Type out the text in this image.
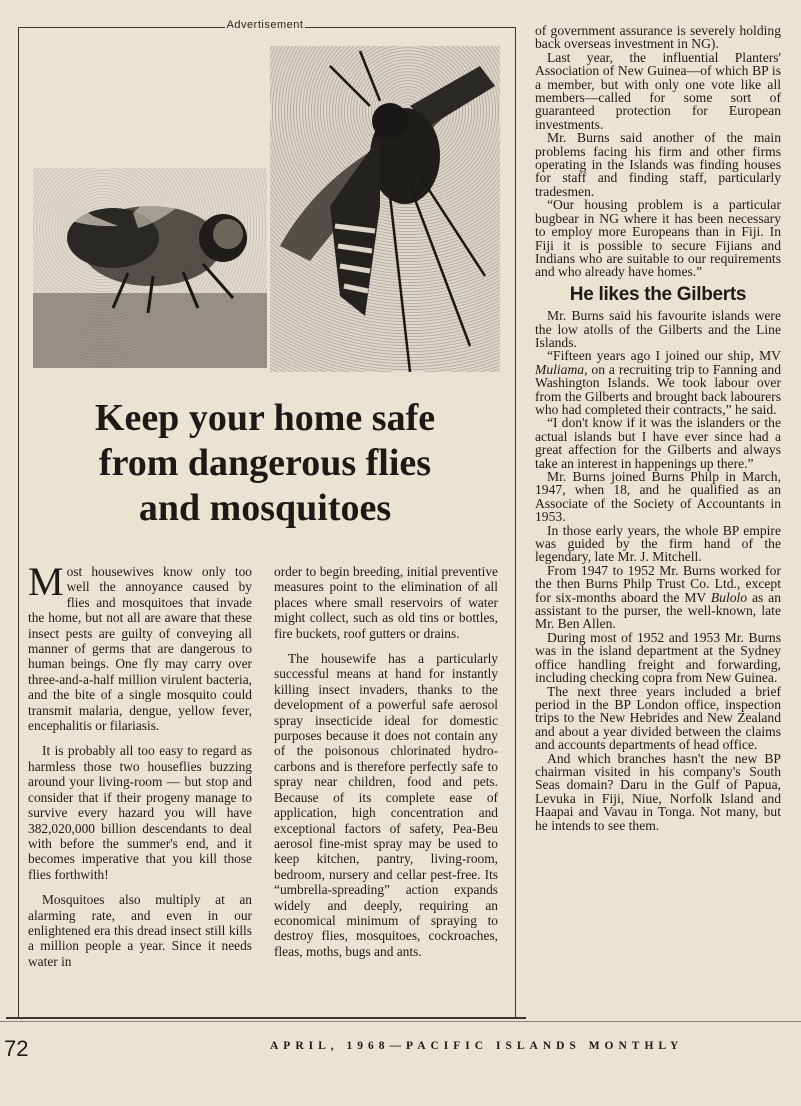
Advertisement
Keep your home safe
from dangerous flies
and mosquitoes

Most housewives know only too well the annoyance caused by flies and mosquitoes that invade the home, but not all are aware that these insect pests are guilty of conveying all manner of germs that are dangerous to human beings. One fly may carry over three-and-a-half million virulent bacteria, and the bite of a single mosquito could transmit malaria, dengue, yellow fever, encephalitis or filariasis.

It is probably all too easy to regard as harmless those two houseflies buzzing around your living-room — but stop and consider that if their progeny manage to survive every hazard you will have 382,020,000 billion descendants to deal with before the summer's end, and it becomes imperative that you kill those flies forthwith!

Mosquitoes also multiply at an alarming rate, and even in our enlightened era this dread insect still kills a million people a year. Since it needs water in

order to begin breeding, initial preventive measures point to the elimination of all places where small reservoirs of water might collect, such as old tins or bottles, fire buckets, roof gutters or drains.

The housewife has a particularly successful means at hand for instantly killing insect invaders, thanks to the development of a powerful safe aerosol spray insecticide ideal for domestic purposes because it does not contain any of the poisonous chlorinated hydro-carbons and is therefore perfectly safe to spray near children, food and pets. Because of its complete ease of application, high concentration and exceptional factors of safety, Pea-Beu aerosol fine-mist spray may be used to keep kitchen, pantry, living-room, bedroom, nursery and cellar pest-free. Its “umbrella-spreading” action expands widely and deeply, requiring an economical minimum of spraying to destroy flies, mosquitoes, cockroaches, fleas, moths, bugs and ants.

of government assurance is severely holding back overseas investment in NG).

Last year, the influential Planters' Association of New Guinea—of which BP is a member, but with only one vote like all members—called for some sort of guaranteed protection for European investments.

Mr. Burns said another of the main problems facing his firm and other firms operating in the Islands was finding houses for staff and finding staff, particularly tradesmen.

“Our housing problem is a particular bugbear in NG where it has been necessary to employ more Europeans than in Fiji. In Fiji it is possible to secure Fijians and Indians who are suitable to our requirements and who already have homes.”

He likes the Gilberts

Mr. Burns said his favourite islands were the low atolls of the Gilberts and the Line Islands.

“Fifteen years ago I joined our ship, MV Muliama, on a recruiting trip to Fanning and Washington Islands. We took labour over from the Gilberts and brought back labourers who had completed their contracts,” he said.

“I don't know if it was the islanders or the actual islands but I have ever since had a great affection for the Gilberts and always take an interest in happenings up there.”

Mr. Burns joined Burns Philp in March, 1947, when 18, and he qualified as an Associate of the Society of Accountants in 1953.

In those early years, the whole BP empire was guided by the firm hand of the legendary, late Mr. J. Mitchell.

From 1947 to 1952 Mr. Burns worked for the then Burns Philp Trust Co. Ltd., except for six-months aboard the MV Bulolo as an assistant to the purser, the well-known, late Mr. Ben Allen.

During most of 1952 and 1953 Mr. Burns was in the island department at the Sydney office handling freight and forwarding, including checking copra from New Guinea.

The next three years included a brief period in the BP London office, inspection trips to the New Hebrides and New Zealand and about a year divided between the claims and accounts departments of head office.

And which branches hasn't the new BP chairman visited in his company's South Seas domain? Daru in the Gulf of Papua, Levuka in Fiji, Niue, Norfolk Island and Haapai and Vavau in Tonga. Not many, but he intends to see them.

72	APRIL, 1968—PACIFIC ISLANDS MONTHLY
